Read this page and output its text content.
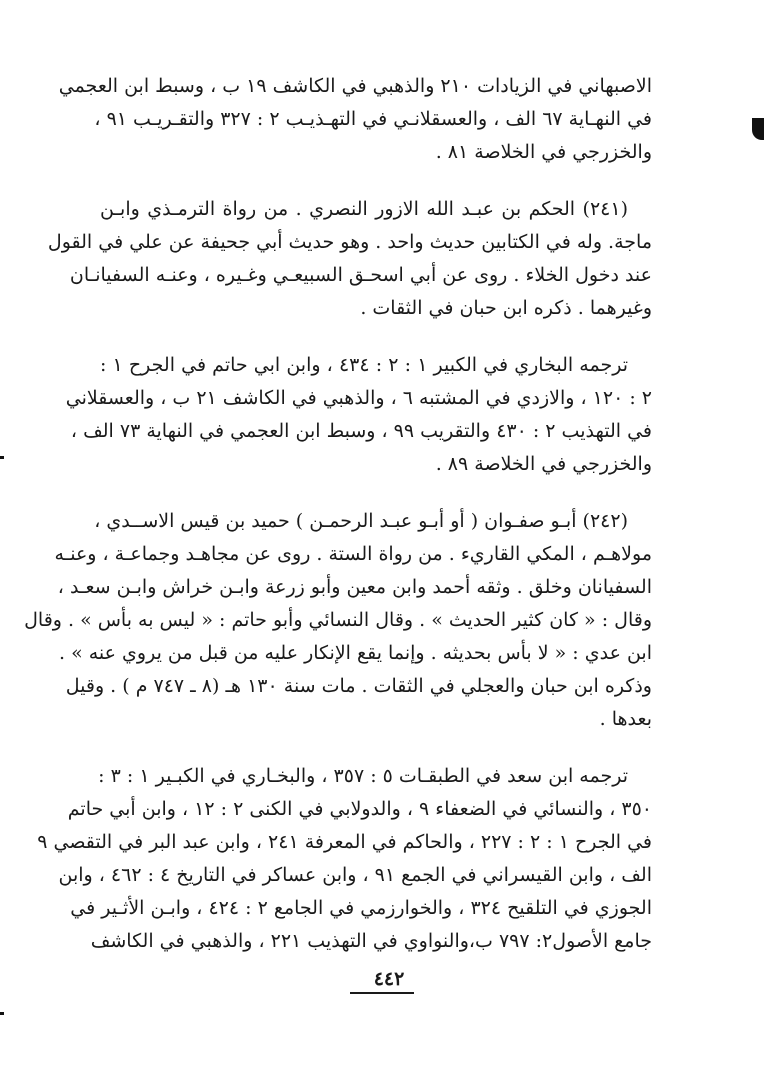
الاصبهاني في الزيادات ٢١٠ والذهبي في الكاشف ١٩ ب ، وسبط ابن العجمي
في النهـاية ٦٧ الف ، والعسقلانـي في التهـذيـب ٢ : ٣٢٧ والتقـريـب ٩١ ،
والخزرجي في الخلاصة ٨١ .
(٢٤١) الحكم بن عبـد الله الازور النصري . من رواة الترمـذي وابـن
ماجة. وله في الكتابين حديث واحد . وهو حديث أبي جحيفة عن علي في القول
عند دخول الخلاء . روى عن أبي اسحـق السبيعـي وغـيره ، وعنـه السفيانـان
وغيرهما . ذكره ابن حبان في الثقات .
ترجمه البخاري في الكبير ١ : ٢ : ٤٣٤ ، وابن ابي حاتم في الجرح ١ :
٢ : ١٢٠ ، والازدي في المشتبه ٦ ، والذهبي في الكاشف ٢١ ب ، والعسقلاني
في التهذيب ٢ : ٤٣٠ والتقريب ٩٩ ، وسبط ابن العجمي في النهاية ٧٣ الف ،
والخزرجي في الخلاصة ٨٩ .
(٢٤٢) أبـو صفـوان ( أو أبـو عبـد الرحمـن ) حميد بن قيس الاســدي ،
مولاهـم ، المكي القاريء . من رواة الستة . روى عن مجاهـد وجماعـة ، وعنـه
السفيانان وخلق . وثقه أحمد وابن معين وأبو زرعة وابـن خراش وابـن سعـد ،
وقال : « كان كثير الحديث » . وقال النسائي وأبو حاتم : « ليس به بأس » . وقال
ابن عدي : « لا بأس بحديثه . وإنما يقع الإنكار عليه من قبل من يروي عنه » .
وذكره ابن حبان والعجلي في الثقات . مات سنة ١٣٠ هـ (٨ ـ ٧٤٧ م ) . وقيل
بعدها .
ترجمه ابن سعد في الطبقـات ٥ : ٣٥٧ ، والبخـاري في الكبـير ١ : ٣ :
٣٥٠ ، والنسائي في الضعفاء ٩ ، والدولابي في الكنى ٢ : ١٢ ، وابن أبي حاتم
في الجرح ١ : ٢ : ٢٢٧ ، والحاكم في المعرفة ٢٤١ ، وابن عبد البر في التقصي ٩
الف ، وابن القيسراني في الجمع ٩١ ، وابن عساكر في التاريخ ٤ : ٤٦٢ ، وابن
الجوزي في التلقيح ٣٢٤ ، والخوارزمي في الجامع ٢ : ٤٢٤ ، وابـن الأثـير في
جامع الأصول٢: ٧٩٧ ب،والنواوي في التهذيب ٢٢١ ، والذهبي في الكاشف
٤٤٢
